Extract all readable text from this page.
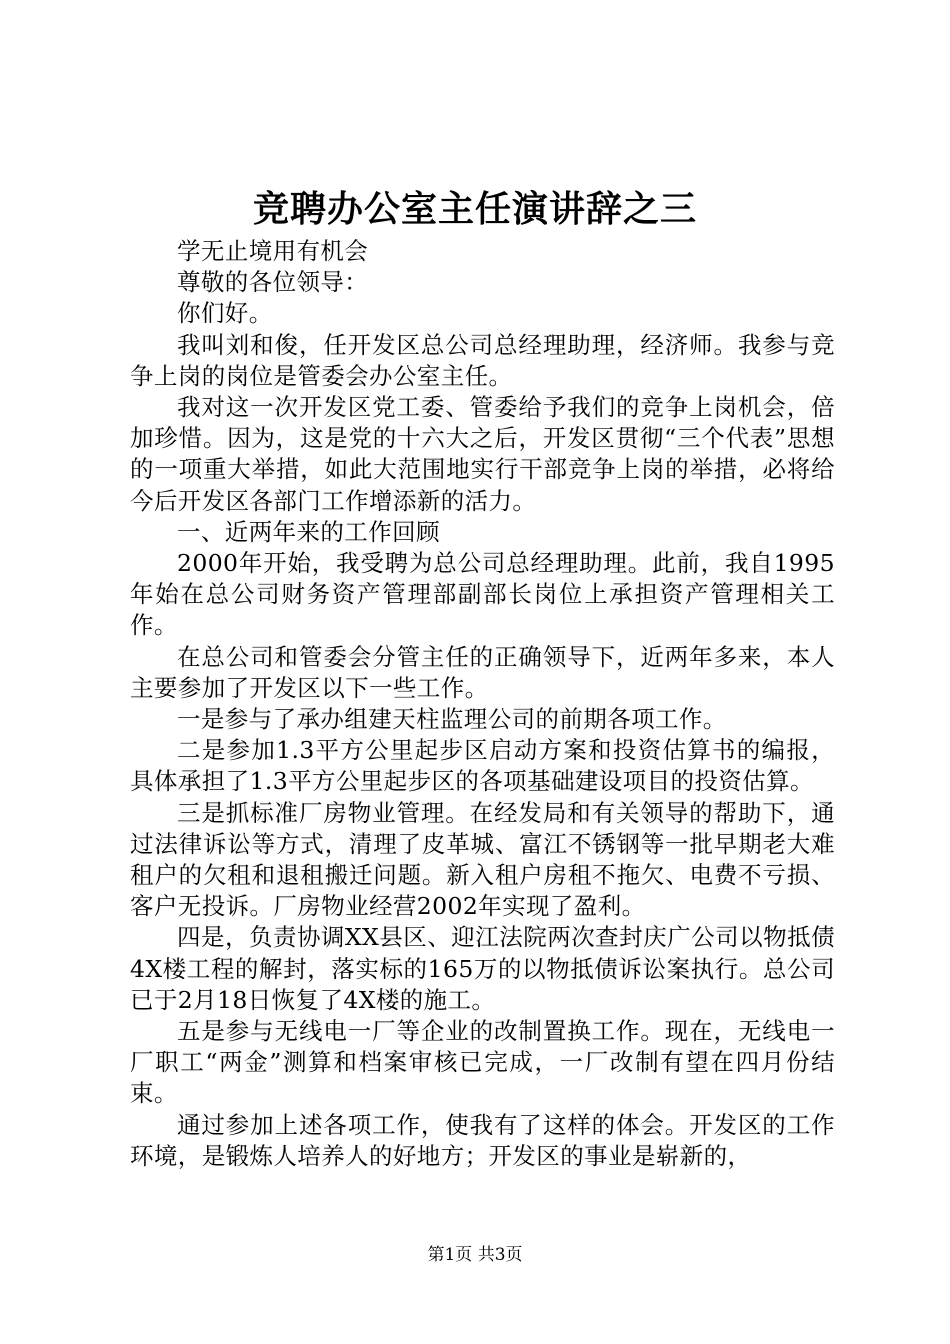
竞聘办公室主任演讲辞之三

学无止境用有机会

尊敬的各位领导：

你们好。

我叫刘和俊，任开发区总公司总经理助理，经济师。我参与竞争上岗的岗位是管委会办公室主任。

我对这一次开发区党工委、管委给予我们的竞争上岗机会，倍加珍惜。因为，这是党的十六大之后，开发区贯彻“三个代表”思想的一项重大举措，如此大范围地实行干部竞争上岗的举措，必将给今后开发区各部门工作增添新的活力。

一、近两年来的工作回顾

2000年开始，我受聘为总公司总经理助理。此前，我自1995年始在总公司财务资产管理部副部长岗位上承担资产管理相关工作。

在总公司和管委会分管主任的正确领导下，近两年多来，本人主要参加了开发区以下一些工作。

一是参与了承办组建天柱监理公司的前期各项工作。

二是参加1.3平方公里起步区启动方案和投资估算书的编报，具体承担了1.3平方公里起步区的各项基础建设项目的投资估算。

三是抓标准厂房物业管理。在经发局和有关领导的帮助下，通过法律诉讼等方式，清理了皮革城、富江不锈钢等一批早期老大难租户的欠租和退租搬迁问题。新入租户房租不拖欠、电费不亏损、客户无投诉。厂房物业经营2002年实现了盈利。

四是，负责协调XX县区、迎江法院两次查封庆广公司以物抵债4X楼工程的解封，落实标的165万的以物抵债诉讼案执行。总公司已于2月18日恢复了4X楼的施工。

五是参与无线电一厂等企业的改制置换工作。现在，无线电一厂职工“两金”测算和档案审核已完成，一厂改制有望在四月份结束。

通过参加上述各项工作，使我有了这样的体会。开发区的工作环境，是锻炼人培养人的好地方；开发区的事业是崭新的，

第1页 共3页
